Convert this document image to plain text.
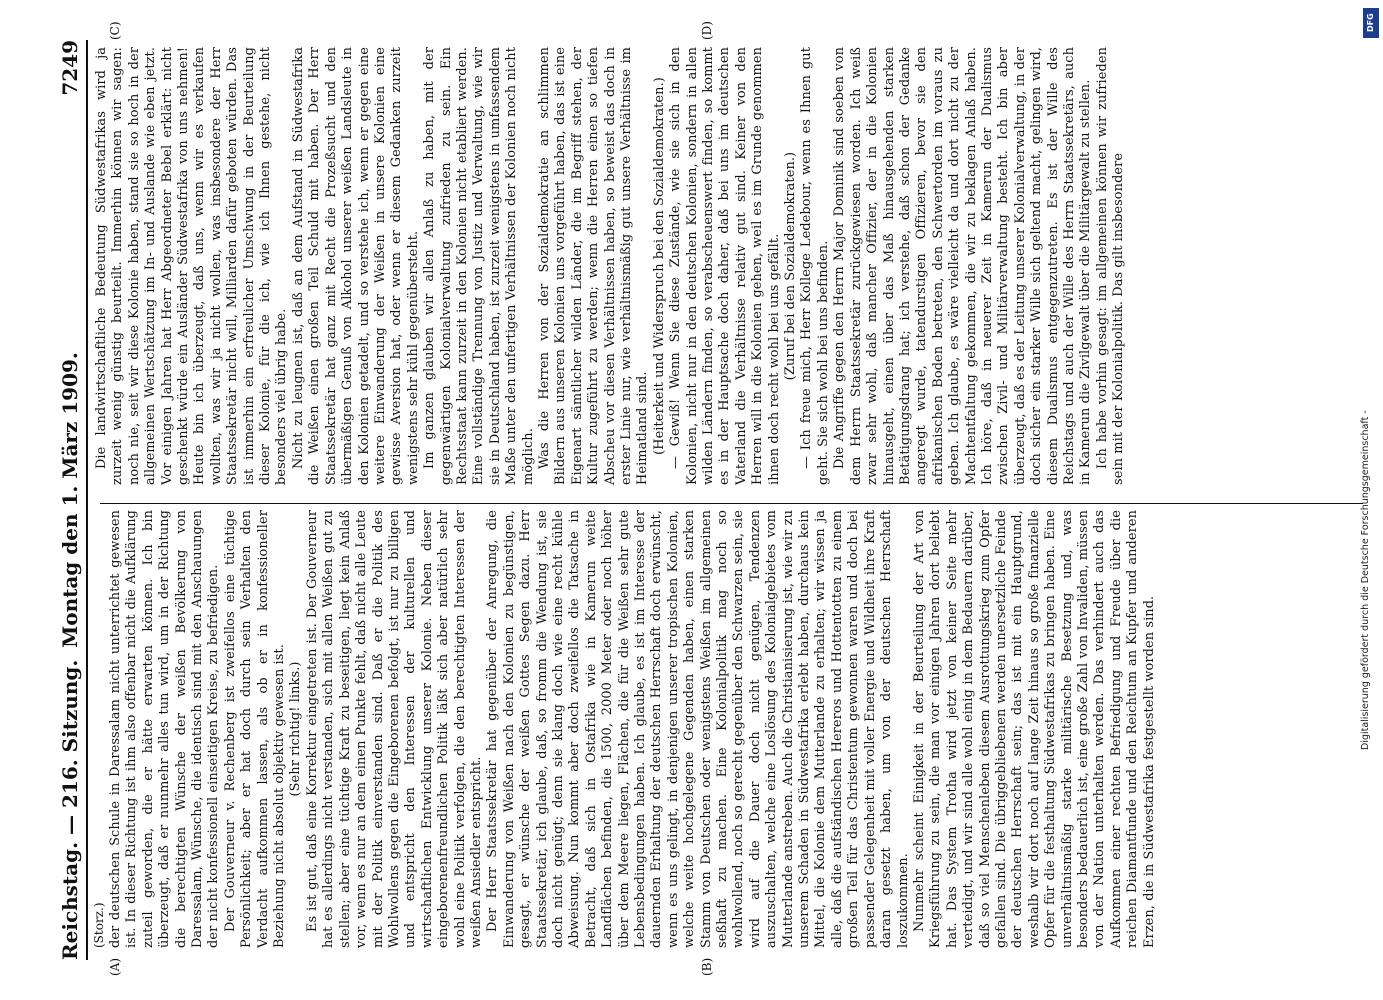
Reichstag. — 216. Sitzung.
Montag den 1. März 1909.
7249
(Storz.)
(A)	(B)
(C)	(D)

der deutschen Schule in Daressalam nicht unterrichtet gewesen ist. In dieser Richtung ist ihm also offenbar nicht die Aufklärung zuteil geworden, die er hätte erwarten können. Ich bin überzeugt, daß er nunmehr alles tun wird, um in der Richtung die berechtigten Wünsche der weißen Bevölkerung von Daressalam, Wünsche, die identisch sind mit den Anschauungen der nicht konfessionell einseitigen Kreise, zu befriedigen. Der Gouverneur v. Rechenberg ist zweifellos eine tüchtige Persönlichkeit; aber er hat doch durch sein Verhalten den Verdacht aufkommen lassen, als ob er in konfessioneller Beziehung nicht absolut objektiv gewesen ist. (Sehr richtig! links.) Es ist gut, daß eine Korrektur eingetreten ist. Der Gouverneur hat es allerdings nicht verstanden, sich mit allen Weißen gut zu stellen; aber eine tüchtige Kraft zu beseitigen, liegt kein Anlaß vor, wenn es nur an dem einen Punkte fehlt, daß nicht alle Leute mit der Politik einverstanden sind. Daß er die Politik des Wohlwollens gegen die Eingeborenen befolgt, ist nur zu billigen und entspricht den Interessen der kulturellen und wirtschaftlichen Entwicklung unserer Kolonie. Neben dieser eingeborenenfreundlichen Politik läßt sich aber natürlich sehr wohl eine Politik verfolgen, die den berechtigten Interessen der weißen Ansiedler entspricht. Der Herr Staatssekretär hat gegenüber der Anregung, die Einwanderung von Weißen nach den Kolonien zu begünstigen, gesagt, er wünsche der weißen Gottes Segen dazu. Herr Staatssekretär, ich glaube, daß, so fromm die Wendung ist, sie doch nicht genügt; denn sie klang doch wie eine recht kühle Abweisung. Nun kommt aber doch zweifellos die Tatsache in Betracht, daß sich in Ostafrika wie in Kamerun weite Landflächen befinden, die 1500, 2000 Meter oder noch höher über dem Meere liegen, Flächen, die für die Weißen sehr gute Lebensbedingungen haben. Ich glaube, es ist im Interesse der dauernden Erhaltung der deutschen Herrschaft doch erwünscht, wenn es uns gelingt, in denjenigen unserer tropischen Kolonien, welche weite hochgelegene Gegenden haben, einen starken Stamm von Deutschen oder wenigstens Weißen im allgemeinen seßhaft zu machen. Eine Kolonialpolitik mag noch so wohlwollend, noch so gerecht gegenüber den Schwarzen sein, sie wird auf die Dauer doch nicht genügen, Tendenzen auszuschalten, welche eine Loslösung des Kolonialgebietes vom Mutterlande anstreben. Auch die Christianisierung ist, wie wir zu unserem Schaden in Südwestafrika erlebt haben, durchaus kein Mittel, die Kolonie dem Mutterlande zu erhalten; wir wissen ja alle, daß die aufständischen Hereros und Hottentotten zu einem großen Teil für das Christentum gewonnen waren und doch bei passender Gelegenheit mit voller Energie und Wildheit ihre Kraft daran gesetzt haben, um von der deutschen Herrschaft loszukommen. Nunmehr scheint Einigkeit in der Beurteilung der Art von Kriegsführung zu sein, die man vor einigen Jahren dort beliebt hat. Das System Trotha wird jetzt von keiner Seite mehr verteidigt, und wir sind alle wohl einig in dem Bedauern darüber, daß so viel Menschenleben diesem Ausrottungskrieg zum Opfer gefallen sind. Die übriggebliebenen werden unersetzliche Feinde der deutschen Herrschaft sein; das ist mit ein Hauptgrund, weshalb wir dort noch auf lange Zeit hinaus so große finanzielle Opfer für die festhaltung Südwestafrikas zu bringen haben. Eine unverhältnismäßig starke militärische Besetzung und, was besonders bedauerlich ist, eine große Zahl von Invaliden, müssen von der Nation unterhalten werden. Das verhindert auch das Aufkommen einer rechten Befriedigung und Freude über die reichen Diamantfunde und den Reichtum an Kupfer und anderen Erzen, die in Südwestafrika festgestellt worden sind.

Die landwirtschaftliche Bedeutung Südwestafrikas wird ja zurzeit wenig günstig beurteilt. Immerhin können wir sagen: noch nie, seit wir diese Kolonie haben, stand sie so hoch in der allgemeinen Wertschätzung im In- und Auslande wie eben jetzt. Vor einigen Jahren hat Herr Abgeordneter Bebel erklärt: nicht geschenkt würde ein Ausländer Südwestafrika von uns nehmen! Heute bin ich überzeugt, daß uns, wenn wir es verkaufen wollten, was wir ja nicht wollen, was insbesondere der Herr Staatssekretär nicht will, Milliarden dafür geboten würden. Das ist immerhin ein erfreulicher Umschwung in der Beurteilung dieser Kolonie, für die ich, wie ich Ihnen gestehe, nicht besonders viel übrig habe. Nicht zu leugnen ist, daß an dem Aufstand in Südwestafrika die Weißen einen großen Teil Schuld mit haben. Der Herr Staatssekretär hat ganz mit Recht die Prozeßsucht und den übermäßigen Genuß von Alkohol unserer weißen Landsleute in den Kolonien getadelt, und so verstehe ich, wenn er gegen eine weitere Einwanderung der Weißen in unsere Kolonien eine gewisse Aversion hat, oder wenn er diesem Gedanken zurzeit wenigstens sehr kühl gegenübersteht. Im ganzen glauben wir allen Anlaß zu haben, mit der gegenwärtigen Kolonialverwaltung zufrieden zu sein. Ein Rechtsstaat kann zurzeit in den Kolonien nicht etabliert werden. Eine vollständige Trennung von Justiz und Verwaltung, wie wir sie in Deutschland haben, ist zurzeit wenigstens in umfassendem Maße unter den unfertigen Verhältnissen der Kolonien noch nicht möglich. Was die Herren von der Sozialdemokratie an schlimmen Bildern aus unseren Kolonien uns vorgeführt haben, das ist eine Eigenart sämtlicher wilden Länder, die im Begriff stehen, der Kultur zugeführt zu werden; wenn die Herren einen so tiefen Abscheu vor diesen Verhältnissen haben, so beweist das doch in erster Linie nur, wie verhältnismäßig gut unsere Verhältnisse im Heimatland sind. (Heiterkeit und Widerspruch bei den Sozialdemokraten.) — Gewiß! Wenn Sie diese Zustände, wie sie sich in den Kolonien, nicht nur in den deutschen Kolonien, sondern in allen wilden Ländern finden, so verabscheuenswert finden, so kommt es in der Hauptsache doch daher, daß bei uns im deutschen Vaterland die Verhältnisse relativ gut sind. Keiner von den Herren will in die Kolonien gehen, weil es im Grunde genommen ihnen doch recht wohl bei uns gefällt. (Zuruf bei den Sozialdemokraten.) — Ich freue mich, Herr Kollege Ledebour, wenn es Ihnen gut geht. Sie sich wohl bei uns befinden. Die Angriffe gegen den Herrn Major Dominik sind soeben von dem Herrn Staatssekretär zurückgewiesen worden. Ich weiß zwar sehr wohl, daß mancher Offizier, der in die Kolonien hinausgeht, einen über das Maß hinausgehenden starken Betätigungsdrang hat; ich verstehe, daß schon der Gedanke angeregt wurde, tatendurstigen Offizieren, bevor sie den afrikanischen Boden betreten, den Schwertorden im voraus zu geben. Ich glaube, es wäre vielleicht da und dort nicht zu der Machtentfaltung gekommen, die wir zu beklagen Anlaß haben. Ich höre, daß in neuerer Zeit in Kamerun der Dualismus zwischen Zivil- und Militärverwaltung besteht. Ich bin aber überzeugt, daß es der Leitung unserer Kolonialverwaltung, in der doch sicher ein starker Wille sich geltend macht, gelingen wird, diesem Dualismus entgegenzutreten. Es ist der Wille des Reichstags und auch der Wille des Herrn Staatssekretärs, auch in Kamerun die Zivilgewalt über die Militärgewalt zu stellen. Ich habe vorhin gesagt: im allgemeinen können wir zufrieden sein mit der Kolonialpolitik. Das gilt insbesondere

DFG
Digitalisierung gefördert durch die Deutsche Forschungsgemeinschaft -
